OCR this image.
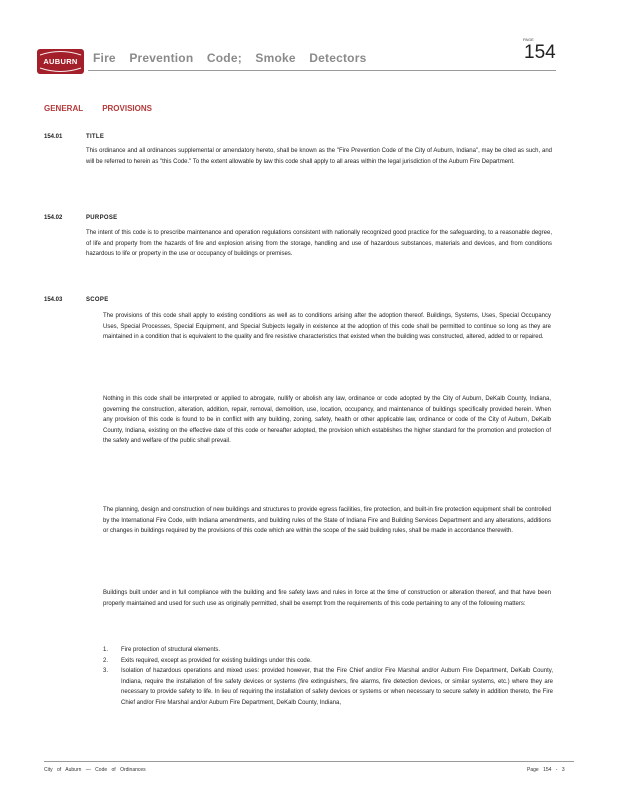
AUBURN Fire Prevention Code; Smoke Detectors
PAGE
154
GENERAL PROVISIONS
154.01	TITLE

This ordinance and all ordinances supplemental or amendatory hereto, shall be known as the "Fire Prevention Code of the City of Auburn, Indiana", may be cited as such, and will be referred to herein as "this Code." To the extent allowable by law this code shall apply to all areas within the legal jurisdiction of the Auburn Fire Department.

154.02	PURPOSE

The intent of this code is to prescribe maintenance and operation regulations consistent with nationally recognized good practice for the safeguarding, to a reasonable degree, of life and property from the hazards of fire and explosion arising from the storage, handling and use of hazardous substances, materials and devices, and from conditions hazardous to life or property in the use or occupancy of buildings or premises.

154.03	SCOPE

The provisions of this code shall apply to existing conditions as well as to conditions arising after the adoption thereof. Buildings, Systems, Uses, Special Occupancy Uses, Special Processes, Special Equipment, and Special Subjects legally in existence at the adoption of this code shall be permitted to continue so long as they are maintained in a condition that is equivalent to the quality and fire resistive characteristics that existed when the building was constructed, altered, added to or repaired.

Nothing in this code shall be interpreted or applied to abrogate, nullify or abolish any law, ordinance or code adopted by the City of Auburn, DeKalb County, Indiana, governing the construction, alteration, addition, repair, removal, demolition, use, location, occupancy, and maintenance of buildings specifically provided herein. When any provision of this code is found to be in conflict with any building, zoning, safety, health or other applicable law, ordinance or code of the City of Auburn, DeKalb County, Indiana, existing on the effective date of this code or hereafter adopted, the provision which establishes the higher standard for the promotion and protection of the safety and welfare of the public shall prevail.

The planning, design and construction of new buildings and structures to provide egress facilities, fire protection, and built-in fire protection equipment shall be controlled by the International Fire Code, with Indiana amendments, and building rules of the State of Indiana Fire and Building Services Department and any alterations, additions or changes in buildings required by the provisions of this code which are within the scope of the said building rules, shall be made in accordance therewith.

Buildings built under and in full compliance with the building and fire safety laws and rules in force at the time of construction or alteration thereof, and that have been properly maintained and used for such use as originally permitted, shall be exempt from the requirements of this code pertaining to any of the following matters:

1. Fire protection of structural elements.
2. Exits required, except as provided for existing buildings under this code.
3. Isolation of hazardous operations and mixed uses: provided however, that the Fire Chief and/or Fire Marshal and/or Auburn Fire Department, DeKalb County, Indiana, require the installation of fire safety devices or systems (fire extinguishers, fire alarms, fire detection devices, or similar systems, etc.) where they are necessary to provide safety to life. In lieu of requiring the installation of safety devices or systems or when necessary to secure safety in addition thereto, the Fire Chief and/or Fire Marshal and/or Auburn Fire Department, DeKalb County, Indiana,
City of Auburn — Code of Ordinances	Page 154 - 3
